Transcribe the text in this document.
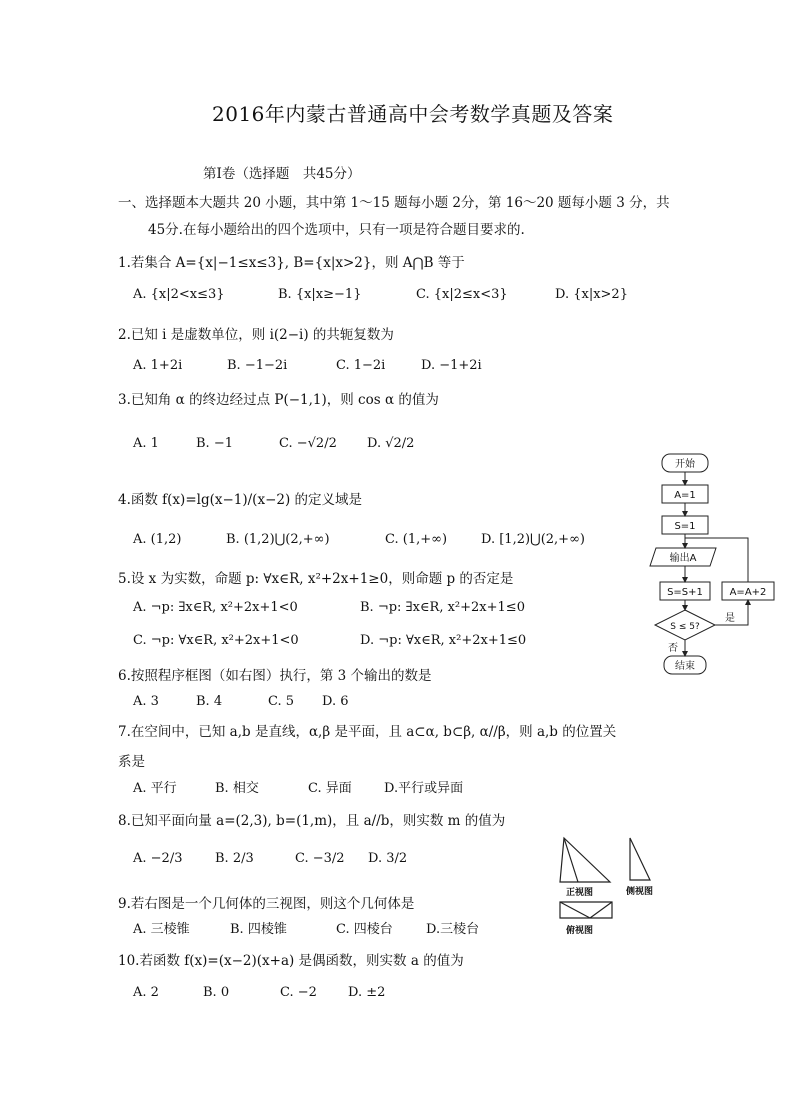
2016年内蒙古普通高中会考数学真题及答案
第Ⅰ卷（选择题　共45分）
一、选择题本大题共 20 小题，其中第 1～15 题每小题 2分，第 16～20 题每小题 3 分，共
45分.在每小题给出的四个选项中，只有一项是符合题目要求的.
1.若集合 A={x|−1≤x≤3}, B={x|x>2}，则 A⋂B 等于
A. {x|2<x≤3}	B. {x|x≥−1}	C. {x|2≤x<3}	D. {x|x>2}
2.已知 i 是虚数单位，则 i(2−i) 的共轭复数为
A. 1+2i	B. −1−2i	C. 1−2i	D. −1+2i
3.已知角 α 的终边经过点 P(−1,1)，则 cos α 的值为
A. 1	B. −1	C. −√2/2 D. √2/2
4.函数 f(x)=lg(x−1)/(x−2) 的定义域是
A. (1,2)	B. (1,2)⋃(2,+∞)	C. (1,+∞)	D. [1,2)⋃(2,+∞)
5.设 x 为实数，命题 p: ∀x∈R, x²+2x+1≥0，则命题 p 的否定是
A. ¬p: ∃x∈R, x²+2x+1<0	B. ¬p: ∃x∈R, x²+2x+1≤0
C. ¬p: ∀x∈R, x²+2x+1<0	D. ¬p: ∀x∈R, x²+2x+1≤0
6.按照程序框图（如右图）执行，第 3 个输出的数是
A. 3	B. 4	C. 5 D. 6
7.在空间中，已知 a,b 是直线，α,β 是平面，且 a⊂α, b⊂β, α//β，则 a,b 的位置关
系是
A. 平行	B. 相交	C. 异面 D.平行或异面
8.已知平面向量 a=(2,3), b=(1,m)，且 a//b，则实数 m 的值为
A. −2/3	B. 2/3	C. −3/2 D. 3/2
9.若右图是一个几何体的三视图，则这个几何体是
A. 三棱锥	B. 四棱锥	C. 四棱台	D.三棱台
10.若函数 f(x)=(x−2)(x+a) 是偶函数，则实数 a 的值为
A. 2	B. 0	C. −2 D. ±2
开始
A=1
S=1
输出A
S=S+1	A=A+2
S ≤ 5?
是
否
结束
正视图	侧视图
俯视图
